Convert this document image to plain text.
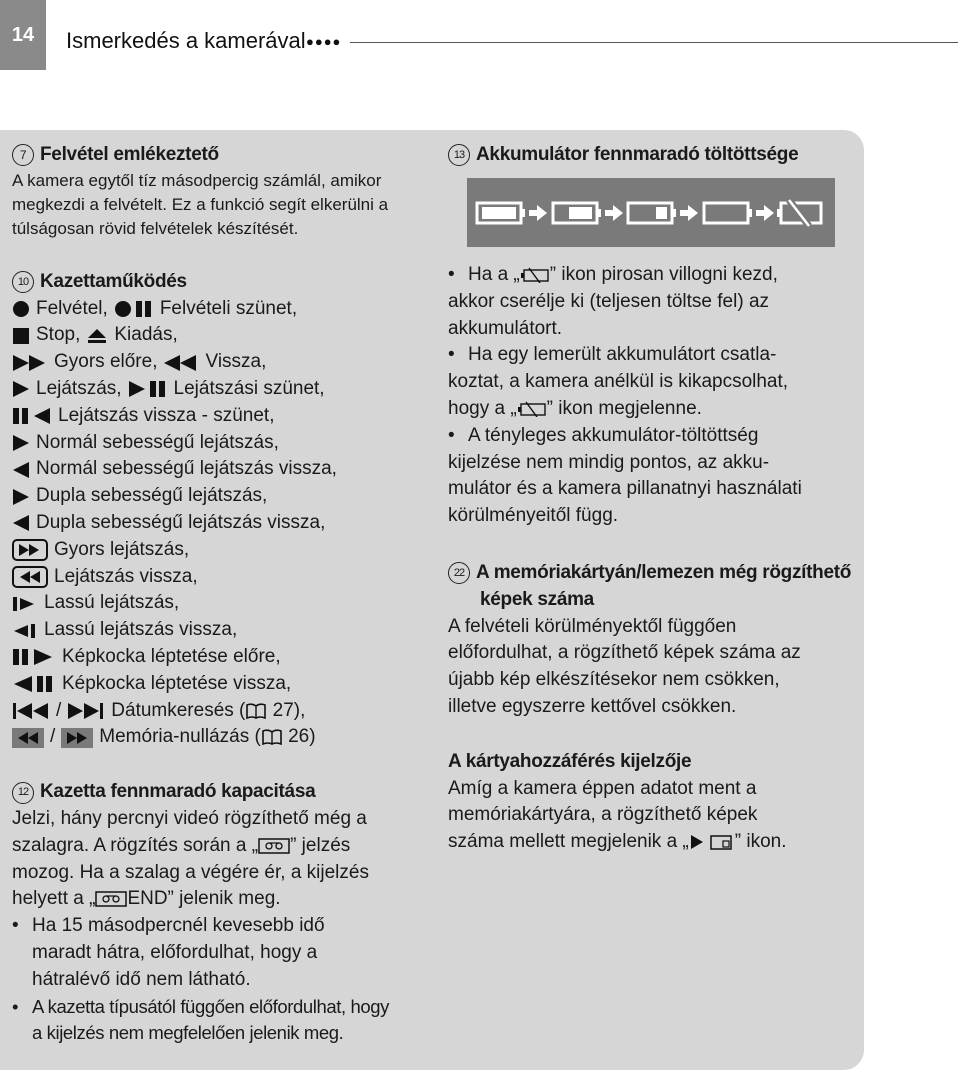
14	Ismerkedés a kamerával ●●●●
7 Felvétel emlékeztető

A kamera egytől tíz másodpercig számlál, amikor

megkezdi a felvételt. Ez a funkció segít elkerülni a

túlságosan rövid felvételek készítését.

10 Kazettaműködés
Felvétel,	Felvételi szünet,
Stop, Kiadás,
Gyors előre,	Vissza,
Lejátszás,	Lejátszási szünet,
Lejátszás vissza - szünet,
Normál sebességű lejátszás,
Normál sebességű lejátszás vissza,
Dupla sebességű lejátszás,
Dupla sebességű lejátszás vissza,
Gyors lejátszás,
Lejátszás vissza,
Lassú lejátszás,
Lassú lejátszás vissza,
Képkocka léptetése előre,
Képkocka léptetése vissza,
/	Dátumkeresés ( 27),
/ Memória-nullázás ( 26)
12 Kazetta fennmaradó kapacitása

Jelzi, hány percnyi videó rögzíthető még a

szalagra. A rögzítés során a „ ” jelzés

mozog. Ha a szalag a végére ér, a kijelzés

helyett a „ END” jelenik meg.

• Ha 15 másodpercnél kevesebb idő

maradt hátra, előfordulhat, hogy a

hátralévő idő nem látható.

• A kazetta típusától függően előfordulhat, hogy

a kijelzés nem megfelelően jelenik meg.

13 Akkumulátor fennmaradó töltöttsége
• Ha a „ ” ikon pirosan villogni kezd,

akkor cserélje ki (teljesen töltse fel) az

akkumulátort.

• Ha egy lemerült akkumulátort csatla-

koztat, a kamera anélkül is kikapcsolhat,

hogy a „ ” ikon megjelenne.

• A tényleges akkumulátor-töltöttség

kijelzése nem mindig pontos, az akku-

mulátor és a kamera pillanatnyi használati

körülményeitől függ.

22 A memóriakártyán/lemezen még rögzíthető
képek száma

A felvételi körülményektől függően

előfordulhat, a rögzíthető képek száma az

újabb kép elkészítésekor nem csökken,

illetve egyszerre kettővel csökken.

A kártyahozzáférés kijelzője

Amíg a kamera éppen adatot ment a

memóriakártyára, a rögzíthető képek

száma mellett megjelenik a „ ” ikon.
